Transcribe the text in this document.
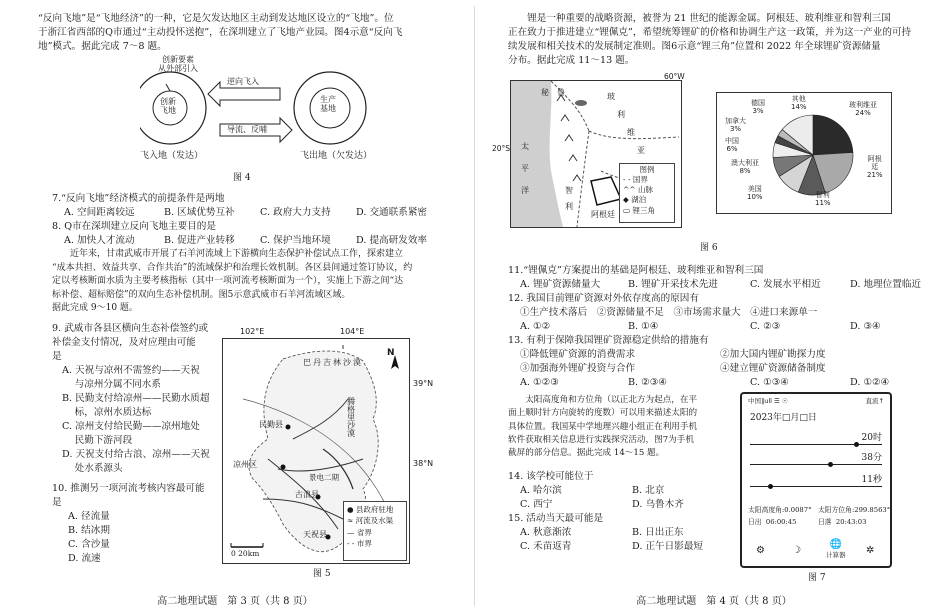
“反向飞地”是“飞地经济”的一种，它是欠发达地区主动到发达地区设立的“飞地”。位
于浙江省西部的Q市通过“主动投怀送抱”，在深圳建立了飞地产业园。图4示意“反向飞
地”模式。据此完成 7～8 题。
创新要素
从外部引入
创新
飞地
逆向飞入
导流、反哺
生产
基地
飞入地（发达）	飞出地（欠发达）
图 4
7.“反向飞地”经济模式的前提条件是两地
A. 空间距离较远	B. 区域优势互补	C. 政府大力支持	D. 交通联系紧密
8. Q市在深圳建立反向飞地主要目的是
A. 加快人才流动	B. 促进产业转移	C. 保护当地环境	D. 提高研发效率
　　近年来，甘肃武威市开展了石羊河流域上下游横向生态保护补偿试点工作，探索建立
“成本共担、效益共享、合作共治”的流域保护和治理长效机制。各区县间通过签订协议，约
定以考核断面水质为主要考核指标（其中一项河流考核断面为一个），实施上下游之间“达
标补偿、超标赔偿”的双向生态补偿机制。图5示意武威市石羊河流域区域。
据此完成 9～10 题。
9. 武威市各县区横向生态补偿签约或
补偿金支付情况，及对应理由可能
是
A. 天祝与凉州不需签约——天祝
　 与凉州分属不同水系
B. 民勤支付给凉州——民勤水质超
　 标，凉州水质达标
C. 凉州支付给民勤——凉州地处
　 民勤下游河段
D. 天祝支付给古浪、凉州——天祝
　 处水系源头
10. 推测另一项河流考核内容最可能
是
A. 径流量
B. 结冰期
C. 含沙量
D. 流速
● 县政府驻地
≈ 河流及水渠
— 省界
- - 市界
N
巴丹吉林沙漠
腾格里沙漠
民勤县
凉州区
古浪县
天祝县
景电二期
0 20km
102°E	104°E
39°N
38°N
图 5
高二地理试题　第 3 页（共 8 页）
　　锂是一种重要的战略资源，被誉为 21 世纪的能源金属。阿根廷、玻利维亚和智利三国
正在致力于推进建立“锂佩克”，希望统筹锂矿的价格和协调生产这一政策，并为这一产业的可持
续发展和相关技术的发展制定准则。图6示意“锂三角”位置和 2022 年全球锂矿资源储量
分布。据此完成 11～13 题。
秘　鲁	玻
利
维
亚
太
平
洋	智
利
阿根廷
图例
- - 国界
^^ 山脉
◆ 湖泊
▭ 锂三角
60°W
20°S
玻利维亚
24%
阿根
廷
21%
智利
11%
美国
10%
澳大利亚
8%
中国
6%
加拿大
3%
德国
3%
其他
14%
图 6
11.“锂佩克”方案提出的基础是阿根廷、玻利维亚和智利三国
A. 锂矿资源储量大	B. 锂矿开采技术先进	C. 发展水平相近	D. 地理位置临近
12. 我国目前锂矿资源对外依存度高的原因有
①生产技术落后　②资源储量不足　③市场需求量大　④进口来源单一
A. ①②	B. ①④	C. ②③	D. ③④
13. 有利于保障我国锂矿资源稳定供给的措施有
①降低锂矿资源的消费需求	②加大国内锂矿勘探力度
③加强海外锂矿投资与合作	④建立锂矿资源储备制度
A. ①②③	B. ②③④	C. ①③④	D. ①②④
　　太阳高度角和方位角（以正北方为起点，在平
面上顺时针方向旋转的度数）可以用来描述太阳的
具体位置。我国某中学地理兴趣小组正在利用手机
软件获取相关信息进行实践探究活动，图7为手机
截屏的部分信息。据此完成 14～15 题。
14. 该学校可能位于
A. 哈尔滨	B. 北京
C. 西宁	D. 乌鲁木齐
15. 活动当天最可能是
A. 秋意渐浓	B. 日出正东
C. 禾苗返青	D. 正午日影最短
中国∥ull ☰ ☉	直流↑
2023年□月□日
20时
38分
11秒
太阳高度角:0.0087° 太阳方位角:299.8563°
日出 06:00:45	日落 20:43:03
⚙	☽
🌐
计算器 ✲
图 7
高二地理试题　第 4 页（共 8 页）
